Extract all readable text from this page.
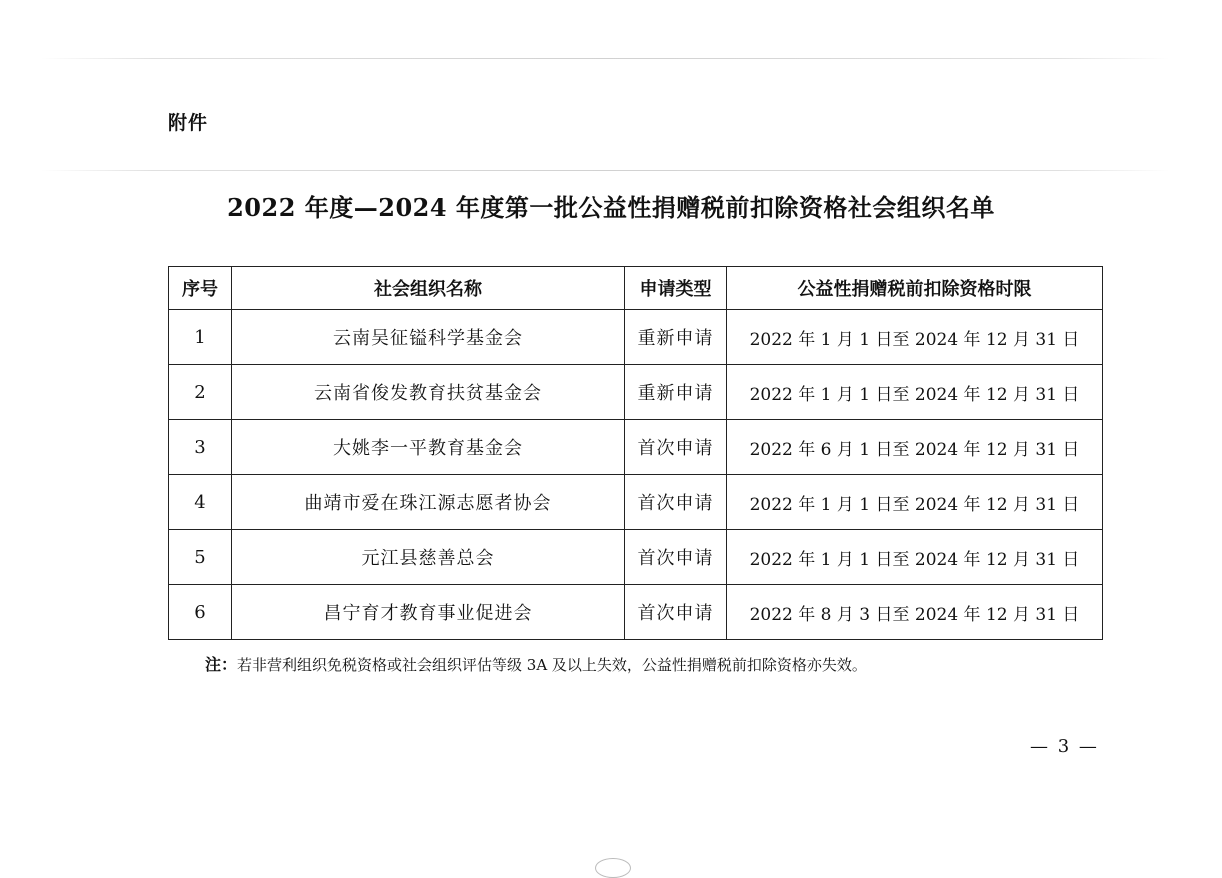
附件
2022 年度—2024 年度第一批公益性捐赠税前扣除资格社会组织名单
序号	社会组织名称	申请类型	公益性捐赠税前扣除资格时限
1	云南吴征镒科学基金会	重新申请	2022 年 1 月 1 日至 2024 年 12 月 31 日
2	云南省俊发教育扶贫基金会	重新申请	2022 年 1 月 1 日至 2024 年 12 月 31 日
3	大姚李一平教育基金会	首次申请	2022 年 6 月 1 日至 2024 年 12 月 31 日
4	曲靖市爱在珠江源志愿者协会	首次申请	2022 年 1 月 1 日至 2024 年 12 月 31 日
5	元江县慈善总会	首次申请	2022 年 1 月 1 日至 2024 年 12 月 31 日
6	昌宁育才教育事业促进会	首次申请	2022 年 8 月 3 日至 2024 年 12 月 31 日
注：若非营利组织免税资格或社会组织评估等级 3A 及以上失效，公益性捐赠税前扣除资格亦失效。
— 3 —
